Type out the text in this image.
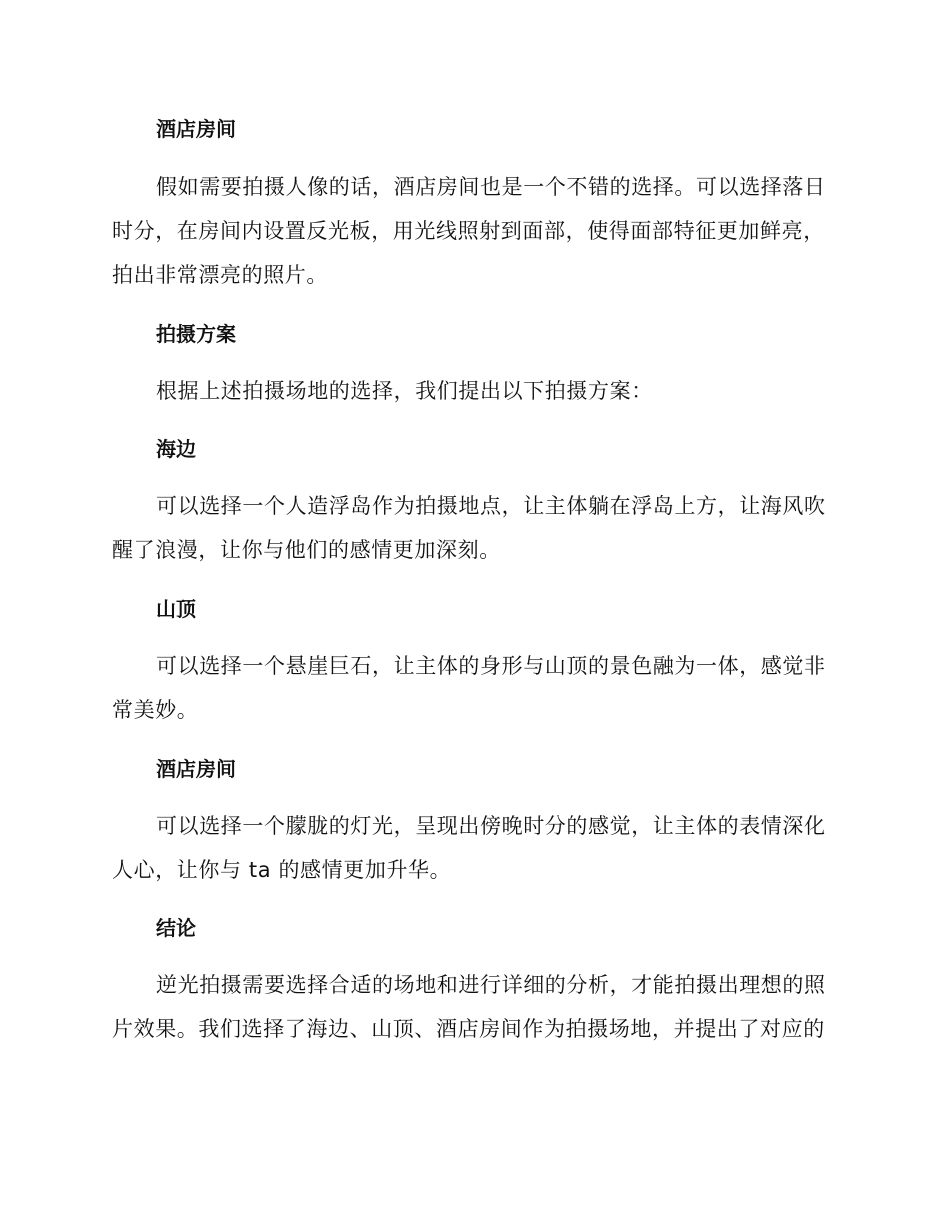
酒店房间
假如需要拍摄人像的话，酒店房间也是一个不错的选择。可以选择落日时分，在房间内设置反光板，用光线照射到面部，使得面部特征更加鲜亮，拍出非常漂亮的照片。
拍摄方案
根据上述拍摄场地的选择，我们提出以下拍摄方案：
海边
可以选择一个人造浮岛作为拍摄地点，让主体躺在浮岛上方，让海风吹醒了浪漫，让你与他们的感情更加深刻。
山顶
可以选择一个悬崖巨石，让主体的身形与山顶的景色融为一体，感觉非常美妙。
酒店房间
可以选择一个朦胧的灯光，呈现出傍晚时分的感觉，让主体的表情深化人心，让你与 ta 的感情更加升华。
结论
逆光拍摄需要选择合适的场地和进行详细的分析，才能拍摄出理想的照片效果。我们选择了海边、山顶、酒店房间作为拍摄场地，并提出了对应的
